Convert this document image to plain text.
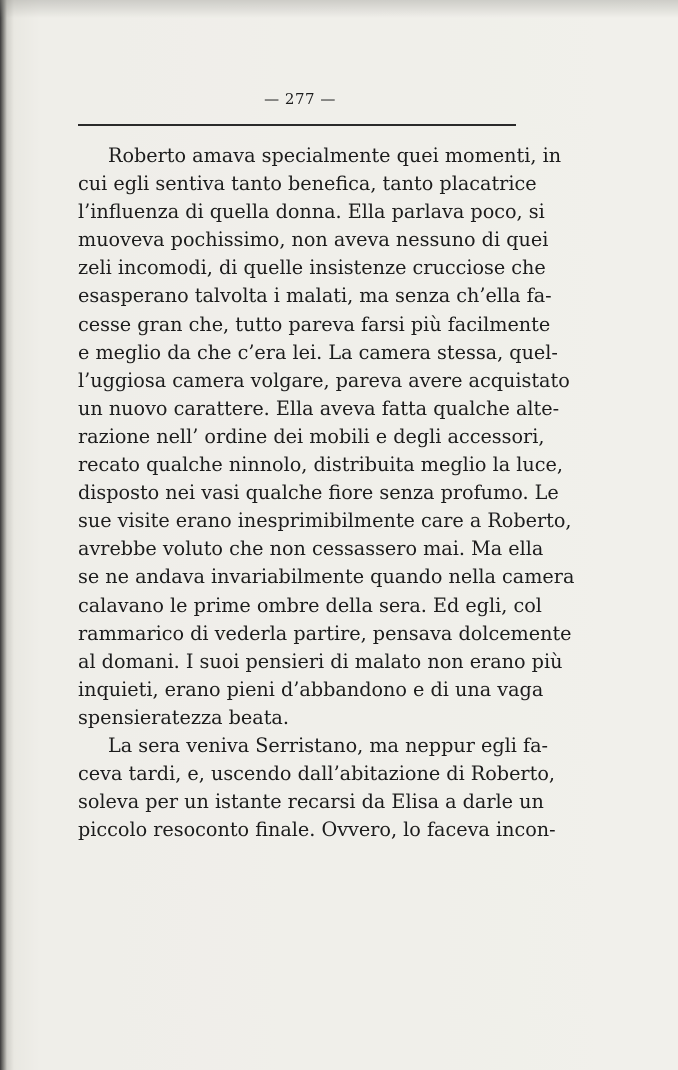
— 277 —
Roberto amava specialmente quei momenti, in
cui egli sentiva tanto benefica, tanto placatrice
l’influenza di quella donna. Ella parlava poco, si
muoveva pochissimo, non aveva nessuno di quei
zeli incomodi, di quelle insistenze crucciose che
esasperano talvolta i malati, ma senza ch’ella fa-
cesse gran che, tutto pareva farsi più facilmente
e meglio da che c’era lei. La camera stessa, quel-
l’uggiosa camera volgare, pareva avere acquistato
un nuovo carattere. Ella aveva fatta qualche alte-
razione nell’ ordine dei mobili e degli accessori,
recato qualche ninnolo, distribuita meglio la luce,
disposto nei vasi qualche fiore senza profumo. Le
sue visite erano inesprimibilmente care a Roberto,
avrebbe voluto che non cessassero mai. Ma ella
se ne andava invariabilmente quando nella camera
calavano le prime ombre della sera. Ed egli, col
rammarico di vederla partire, pensava dolcemente
al domani. I suoi pensieri di malato non erano più
inquieti, erano pieni d’abbandono e di una vaga
spensieratezza beata.
La sera veniva Serristano, ma neppur egli fa-
ceva tardi, e, uscendo dall’abitazione di Roberto,
soleva per un istante recarsi da Elisa a darle un
piccolo resoconto finale. Ovvero, lo faceva incon-
